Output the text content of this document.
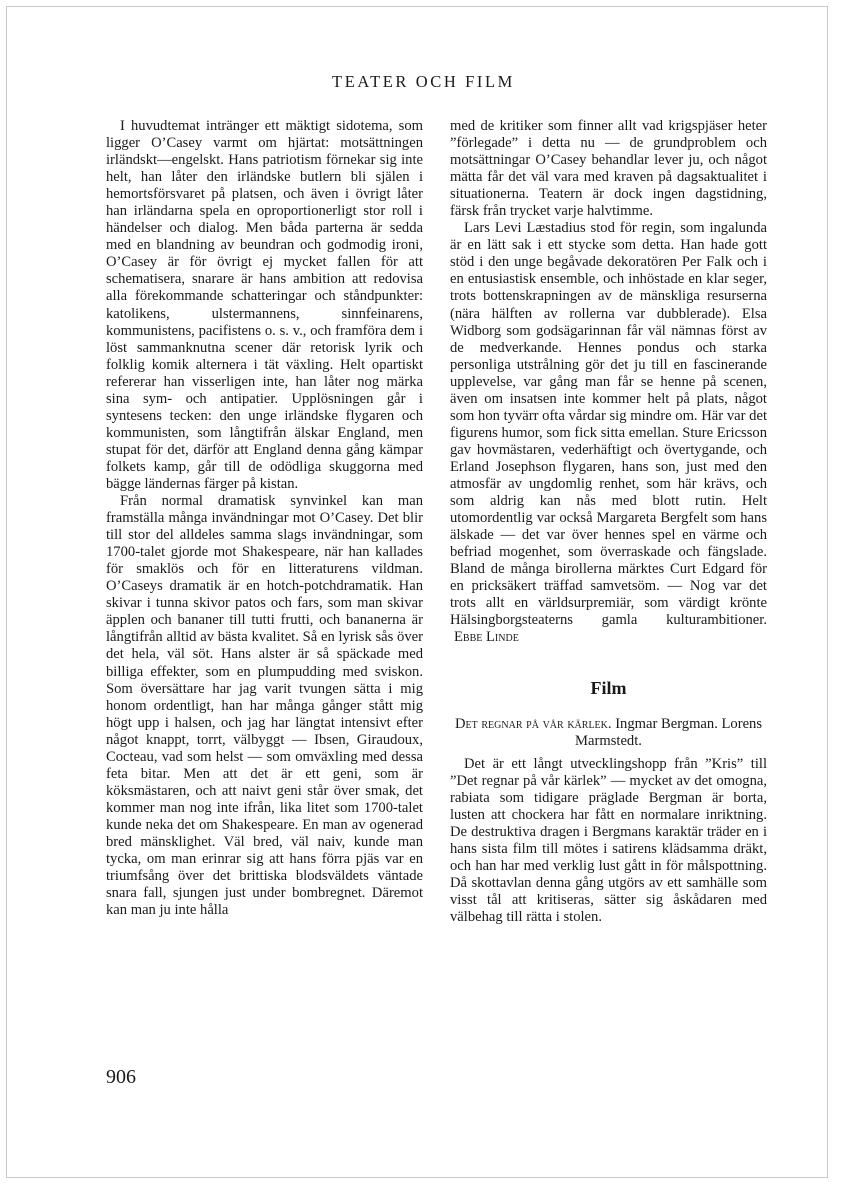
TEATER OCH FILM

I huvudtemat intränger ett mäktigt sidotema, som ligger O’Casey varmt om hjärtat: motsättningen irländskt—engelskt. Hans patriotism förnekar sig inte helt, han låter den irländske butlern bli själen i hemortsförsvaret på platsen, och även i övrigt låter han irländarna spela en oproportionerligt stor roll i händelser och dialog. Men båda parterna är sedda med en blandning av beundran och godmodig ironi, O’Casey är för övrigt ej mycket fallen för att schematisera, snarare är hans ambition att redovisa alla förekommande schatteringar och ståndpunkter: katolikens, ulstermannens, sinnfeinarens, kommunistens, pacifistens o. s. v., och framföra dem i löst sammanknutna scener där retorisk lyrik och folklig komik alternera i tät växling. Helt opartiskt refererar han visserligen inte, han låter nog märka sina sym- och antipatier. Upplösningen går i syntesens tecken: den unge irländske flygaren och kommunisten, som långtifrån älskar England, men stupat för det, därför att England denna gång kämpar folkets kamp, går till de odödliga skuggorna med bägge ländernas färger på kistan.

Från normal dramatisk synvinkel kan man framställa många invändningar mot O’Casey. Det blir till stor del alldeles samma slags invändningar, som 1700-talet gjorde mot Shakespeare, när han kallades för smaklös och för en litteraturens vildman. O’Caseys dramatik är en hotch-potchdramatik. Han skivar i tunna skivor patos och fars, som man skivar äpplen och bananer till tutti frutti, och bananerna är långtifrån alltid av bästa kvalitet. Så en lyrisk sås över det hela, väl söt. Hans alster är så späckade med billiga effekter, som en plumpudding med sviskon. Som översättare har jag varit tvungen sätta i mig honom ordentligt, han har många gånger stått mig högt upp i halsen, och jag har längtat intensivt efter något knappt, torrt, välbyggt — Ibsen, Giraudoux, Cocteau, vad som helst — som omväxling med dessa feta bitar. Men att det är ett geni, som är köksmästaren, och att naivt geni står över smak, det kommer man nog inte ifrån, lika litet som 1700-talet kunde neka det om Shakespeare. En man av ogenerad bred mänsklighet. Väl bred, väl naiv, kunde man tycka, om man erinrar sig att hans förra pjäs var en triumfsång över det brittiska blodsväldets väntade snara fall, sjungen just under bombregnet. Däremot kan man ju inte hålla

med de kritiker som finner allt vad krigspjäser heter ”förlegade” i detta nu — de grundproblem och motsättningar O’Casey behandlar lever ju, och något mätta får det väl vara med kraven på dagsaktualitet i situationerna. Teatern är dock ingen dagstidning, färsk från trycket varje halvtimme.

Lars Levi Læstadius stod för regin, som ingalunda är en lätt sak i ett stycke som detta. Han hade gott stöd i den unge begåvade dekoratören Per Falk och i en entusiastisk ensemble, och inhöstade en klar seger, trots bottenskrapningen av de mänskliga resurserna (nära hälften av rollerna var dubblerade). Elsa Widborg som godsägarinnan får väl nämnas först av de medverkande. Hennes pondus och starka personliga utstrålning gör det ju till en fascinerande upplevelse, var gång man får se henne på scenen, även om insatsen inte kommer helt på plats, något som hon tyvärr ofta vårdar sig mindre om. Här var det figurens humor, som fick sitta emellan. Sture Ericsson gav hovmästaren, vederhäftigt och övertygande, och Erland Josephson flygaren, hans son, just med den atmosfär av ungdomlig renhet, som här krävs, och som aldrig kan nås med blott rutin. Helt utomordentlig var också Margareta Bergfelt som hans älskade — det var över hennes spel en värme och befriad mogenhet, som överraskade och fängslade. Bland de många birollerna märktes Curt Edgard för en pricksäkert träffad samvetsöm. — Nog var det trots allt en världsurpremiär, som värdigt krönte Hälsingborgsteaterns gamla kulturambitioner. Ebbe Linde

Film
Det regnar på vår kärlek. Ingmar Bergman. Lorens Marmstedt.

Det är ett långt utvecklingshopp från ”Kris” till ”Det regnar på vår kärlek” — mycket av det omogna, rabiata som tidigare präglade Bergman är borta, lusten att chockera har fått en normalare inriktning. De destruktiva dragen i Bergmans karaktär träder en i hans sista film till mötes i satirens klädsamma dräkt, och han har med verklig lust gått in för målspottning. Då skottavlan denna gång utgörs av ett samhälle som visst tål att kritiseras, sätter sig åskådaren med välbehag till rätta i stolen.

906
